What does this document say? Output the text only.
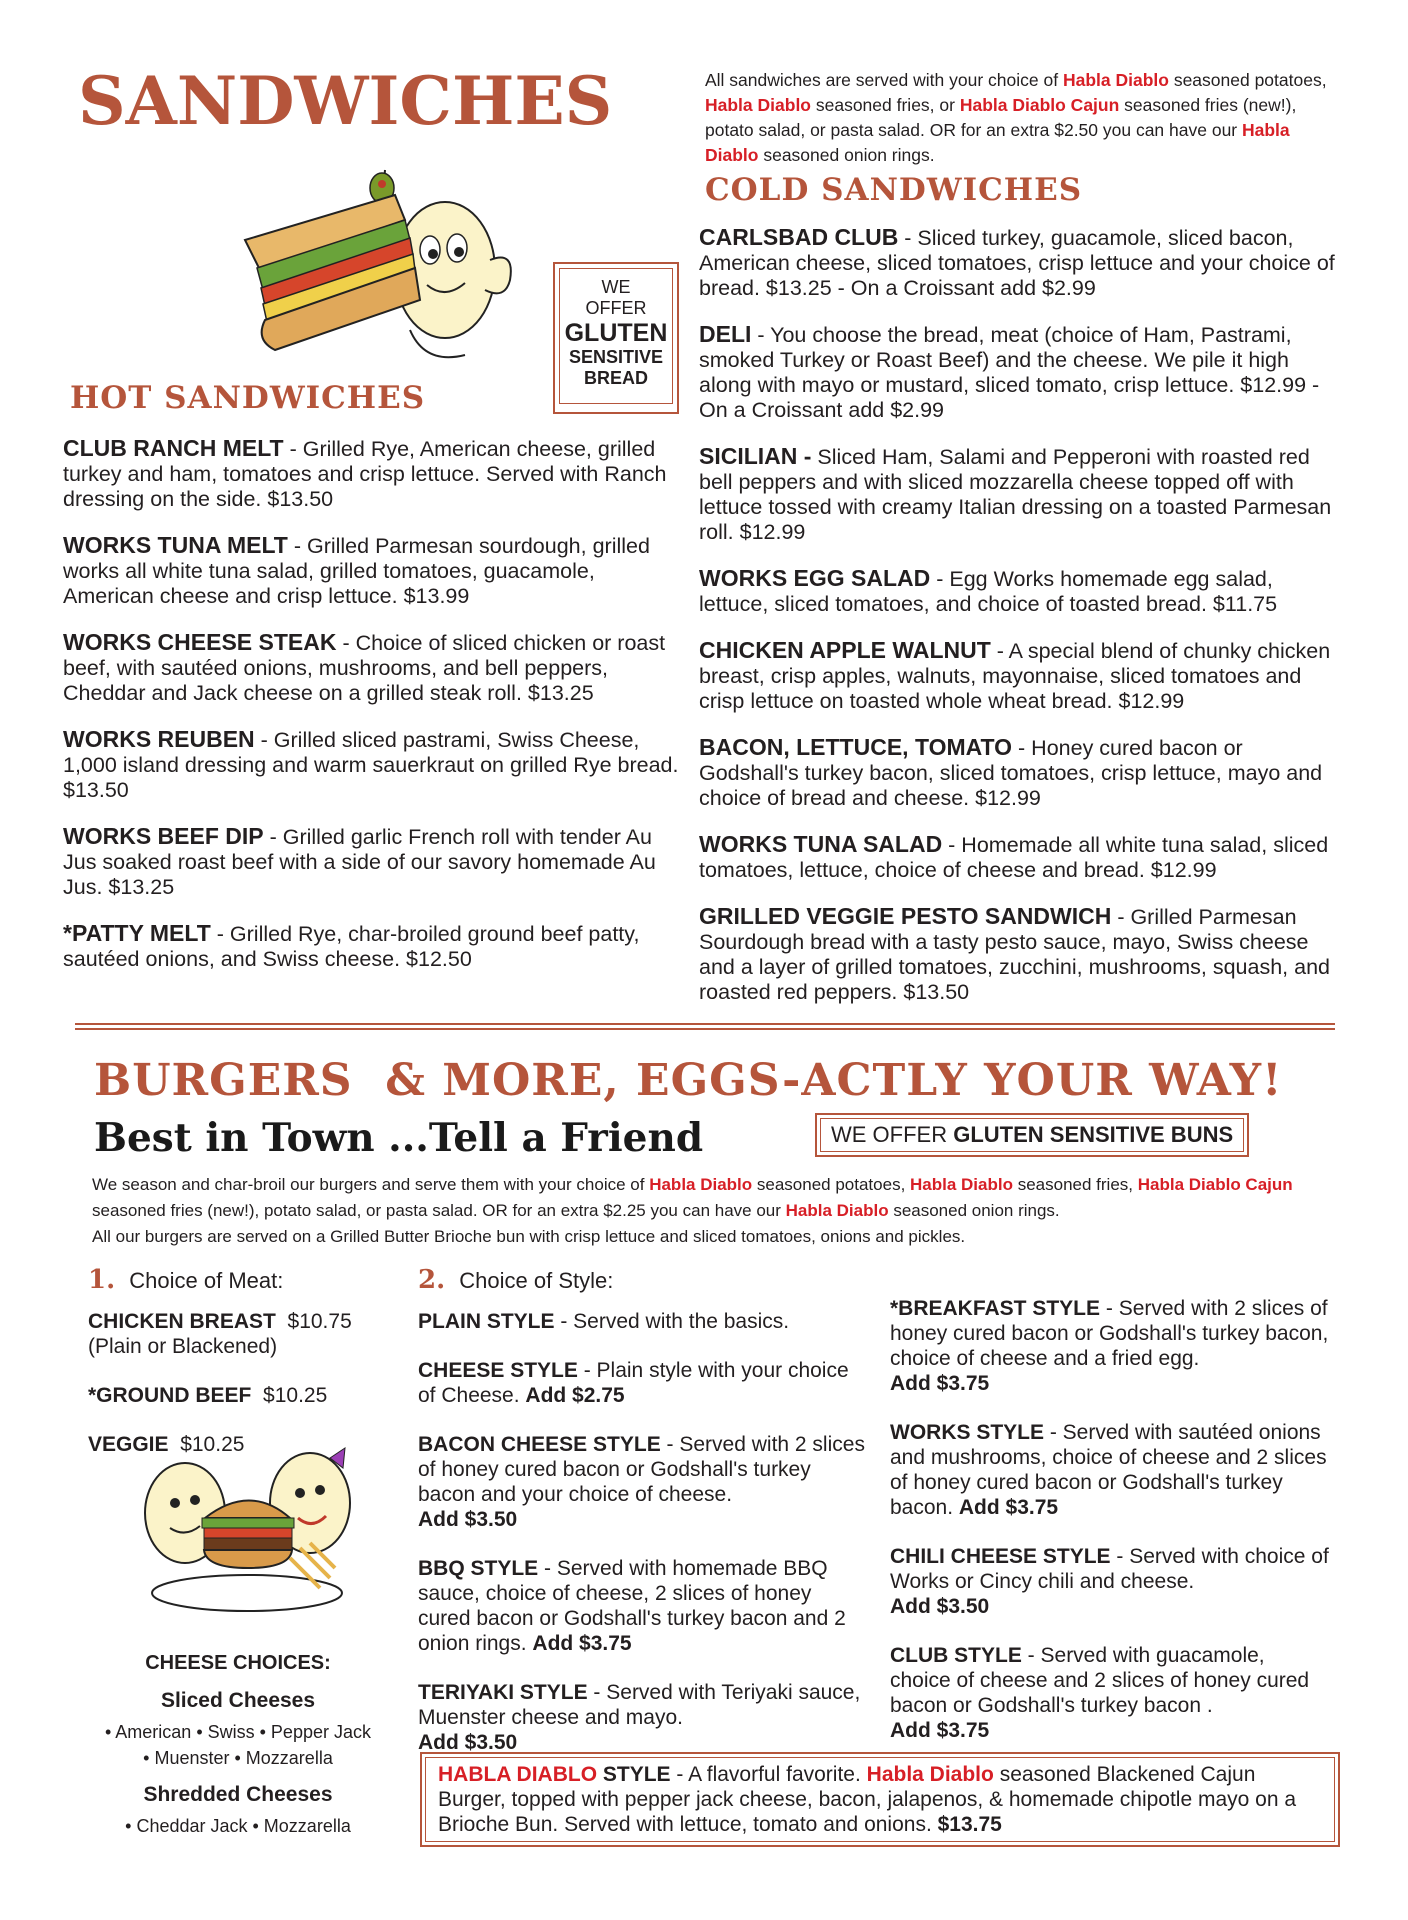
SANDWICHES	All sandwiches are served with your choice of Habla Diablo seasoned potatoes, Habla Diablo seasoned fries, or Habla Diablo Cajun seasoned fries (new!), potato salad, or pasta salad. OR for an extra $2.50 you can have our Habla Diablo seasoned onion rings.
WE
OFFER
GLUTEN
SENSITIVE
BREAD
HOT SANDWICHES
CLUB RANCH MELT - Grilled Rye, American cheese, grilled turkey and ham, tomatoes and crisp lettuce. Served with Ranch dressing on the side. $13.50
WORKS TUNA MELT - Grilled Parmesan sourdough, grilled works all white tuna salad, grilled tomatoes, guacamole, American cheese and crisp lettuce. $13.99
WORKS CHEESE STEAK - Choice of sliced chicken or roast beef, with sautéed onions, mushrooms, and bell peppers, Cheddar and Jack cheese on a grilled steak roll. $13.25
WORKS REUBEN - Grilled sliced pastrami, Swiss Cheese, 1,000 island dressing and warm sauerkraut on grilled Rye bread. $13.50
WORKS BEEF DIP - Grilled garlic French roll with tender Au Jus soaked roast beef with a side of our savory homemade Au Jus. $13.25
*PATTY MELT - Grilled Rye, char-broiled ground beef patty, sautéed onions, and Swiss cheese. $12.50
COLD SANDWICHES
CARLSBAD CLUB - Sliced turkey, guacamole, sliced bacon, American cheese, sliced tomatoes, crisp lettuce and your choice of bread. $13.25 - On a Croissant add $2.99
DELI - You choose the bread, meat (choice of Ham, Pastrami, smoked Turkey or Roast Beef) and the cheese. We pile it high along with mayo or mustard, sliced tomato, crisp lettuce. $12.99 - On a Croissant add $2.99
SICILIAN - Sliced Ham, Salami and Pepperoni with roasted red bell peppers and with sliced mozzarella cheese topped off with lettuce tossed with creamy Italian dressing on a toasted Parmesan roll. $12.99
WORKS EGG SALAD - Egg Works homemade egg salad, lettuce, sliced tomatoes, and choice of toasted bread. $11.75
CHICKEN APPLE WALNUT - A special blend of chunky chicken breast, crisp apples, walnuts, mayonnaise, sliced tomatoes and crisp lettuce on toasted whole wheat bread. $12.99
BACON, LETTUCE, TOMATO - Honey cured bacon or Godshall's turkey bacon, sliced tomatoes, crisp lettuce, mayo and choice of bread and cheese. $12.99
WORKS TUNA SALAD - Homemade all white tuna salad, sliced tomatoes, lettuce, choice of cheese and bread. $12.99
GRILLED VEGGIE PESTO SANDWICH - Grilled Parmesan Sourdough bread with a tasty pesto sauce, mayo, Swiss cheese and a layer of grilled tomatoes, zucchini, mushrooms, squash, and roasted red peppers. $13.50
BURGERS  & MORE, EGGS-ACTLY YOUR WAY!
Best in Town ...Tell a Friend	WE OFFER GLUTEN SENSITIVE BUNS
We season and char-broil our burgers and serve them with your choice of Habla Diablo seasoned potatoes, Habla Diablo seasoned fries, Habla Diablo Cajun seasoned fries (new!), potato salad, or pasta salad. OR for an extra $2.25 you can have our Habla Diablo seasoned onion rings.
All our burgers are served on a Grilled Butter Brioche bun with crisp lettuce and sliced tomatoes, onions and pickles.
1. Choice of Meat:
CHICKEN BREAST $10.75
(Plain or Blackened)
*GROUND BEEF $10.25
VEGGIE $10.25
CHEESE CHOICES:
Sliced Cheeses
• American • Swiss • Pepper Jack
• Muenster • Mozzarella
Shredded Cheeses
• Cheddar Jack • Mozzarella
2. Choice of Style:
PLAIN STYLE - Served with the basics.
CHEESE STYLE - Plain style with your choice of Cheese. Add $2.75
BACON CHEESE STYLE - Served with 2 slices of honey cured bacon or Godshall's turkey bacon and your choice of cheese.
Add $3.50
BBQ STYLE - Served with homemade BBQ sauce, choice of cheese, 2 slices of honey cured bacon or Godshall's turkey bacon and 2 onion rings. Add $3.75
TERIYAKI STYLE - Served with Teriyaki sauce, Muenster cheese and mayo.
Add $3.50
*BREAKFAST STYLE - Served with 2 slices of honey cured bacon or Godshall's turkey bacon, choice of cheese and a fried egg.
Add $3.75
WORKS STYLE - Served with sautéed onions and mushrooms, choice of cheese and 2 slices of honey cured bacon or Godshall's turkey bacon. Add $3.75
CHILI CHEESE STYLE - Served with choice of Works or Cincy chili and cheese.
Add $3.50
CLUB STYLE - Served with guacamole, choice of cheese and 2 slices of honey cured bacon or Godshall's turkey bacon .
Add $3.75
HABLA DIABLO STYLE - A flavorful favorite. Habla Diablo seasoned Blackened Cajun Burger, topped with pepper jack cheese, bacon, jalapenos, & homemade chipotle mayo on a Brioche Bun. Served with lettuce, tomato and onions. $13.75
